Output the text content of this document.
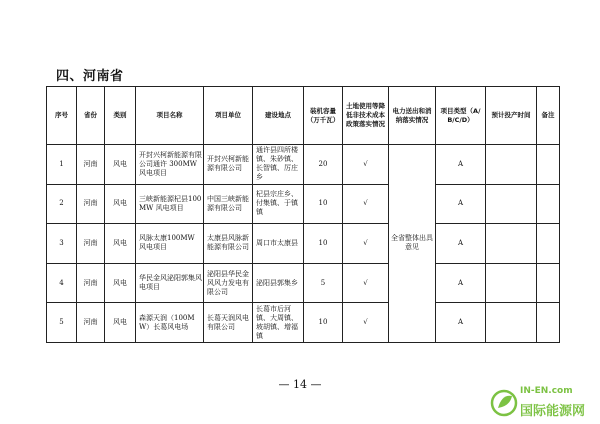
四、河南省
序号	省份	类别	项目名称	项目单位	建设地点	装机容量（万千瓦）	土地使用等降低非技术成本政策落实情况	电力送出和消纳落实情况	项目类型（A/B/C/D）	预计投产时间	备注
1	河南	风电	开封兴柯新能源有限公司通许 300MW 风电项目	开封兴柯新能源有限公司	通许县四所楼镇、朱砂镇、长智镇、厉庄乡	20	√	全省整体出具意见	A		
2	河南	风电	三峡新能源杞县100MW 风电项目	中国三峡新能源有限公司	杞县宗庄乡、付集镇、于镇镇	10	√		A		
3	河南	风电	风脉太康100MW 风电项目	太康县风脉新能源有限公司	周口市太康县	10	√		A		
4	河南	风电	华民金风泌阳郭集风电项目	泌阳县华民金风风力发电有限公司	泌阳县郭集乡	5	√		A		
5	河南	风电	森源天润（100MW）长葛风电场	长葛天润风电有限公司	长葛市后河镇、大周镇、坡胡镇、增福镇	10	√		A		
— 14 —	IN-EN.com
国际能源网
